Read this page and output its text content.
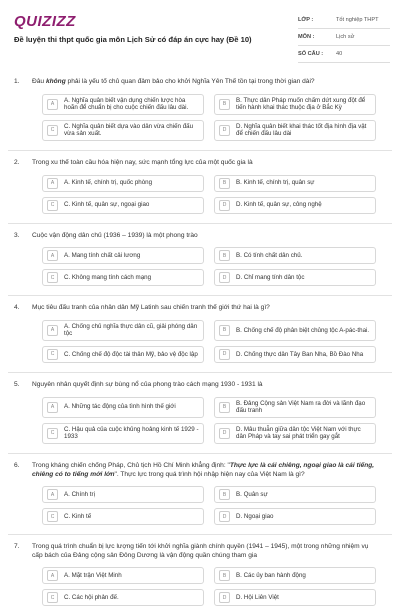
QUIZIZZ
Đề luyện thi thpt quốc gia môn Lịch Sử có đáp án cực hay (Đề 10)
LỚP :	Tốt nghiệp THPT
MÔN :	Lịch sử
SỐ CÂU :	40
1. Đâu không phải là yếu tố chủ quan đảm bảo cho khởi Nghĩa Yên Thế tồn tại trong thời gian dài?
A
A. Nghĩa quân biết vận dụng chiến lược hòa hoãn để chuẩn bị cho cuộc chiến đấu lâu dài.	B
B. Thực dân Pháp muốn chấm dứt xung đột để tiến hành khai thác thuộc địa ở Bắc Kỳ
C
C. Nghĩa quân biết dựa vào dân vừa chiến đấu vừa sản xuất.	D
D. Nghĩa quân biết khai thác tốt địa hình địa vật để chiến đấu lâu dài
2. Trong xu thế toàn cầu hóa hiện nay, sức mạnh tổng lực của một quốc gia là
A	A. Kinh tế, chính trị, quốc phòng	B	B. Kinh tế, chính trị, quân sự
C	C. Kinh tế, quân sự, ngoại giao	D	D. Kinh tế, quân sự, công nghệ
3. Cuộc vận động dân chủ (1936 – 1939) là một phong trào
A	A. Mang tính chất cải lương	B	B. Có tính chất dân chủ.
C	C. Không mang tính cách mạng	D	D. Chỉ mang tính dân tộc
4. Mục tiêu đấu tranh của nhân dân Mỹ Latinh sau chiến tranh thế giới thứ hai là gì?
A
A. Chống chủ nghĩa thực dân cũ, giải phóng dân tộc	B	B. Chống chế độ phân biệt chủng tộc A-pác-thai.
C	C. Chống chế độ độc tài thân Mỹ, bảo vệ độc lập	D	D. Chống thực dân Tây Ban Nha, Bồ Đào Nha
5. Nguyên nhân quyết định sự bùng nổ của phong trào cách mạng 1930 - 1931 là
A	A. Những tác động của tình hình thế giới	B
B. Đảng Cộng sản Việt Nam ra đời và lãnh đạo đấu tranh
C
C. Hậu quả của cuộc khủng hoảng kinh tế 1929 - 1933	D
D. Mâu thuẫn giữa dân tộc Việt Nam với thực dân Pháp và tay sai phát triển gay gắt
6. Trong kháng chiến chống Pháp, Chủ tịch Hồ Chí Minh khẳng định: "Thực lực là cái chiêng, ngoại giao là cái tiếng, chiêng có to tiếng mới lớn". Thực lực trong quá trình hội nhập hiện nay của Việt Nam là gì?
A	A. Chính trị	B	B. Quân sự
C	C. Kinh tế	D	D. Ngoại giao
7. Trong quá trình chuẩn bị lực lượng tiến tới khởi nghĩa giành chính quyền (1941 – 1945), một trong những nhiệm vụ cấp bách của Đảng cộng sản Đông Dương là vận động quần chúng tham gia
A	A. Mặt trận Việt Minh	B	B. Các ủy ban hành động
C	C. Các hội phản đế.	D	D. Hội Liên Việt
